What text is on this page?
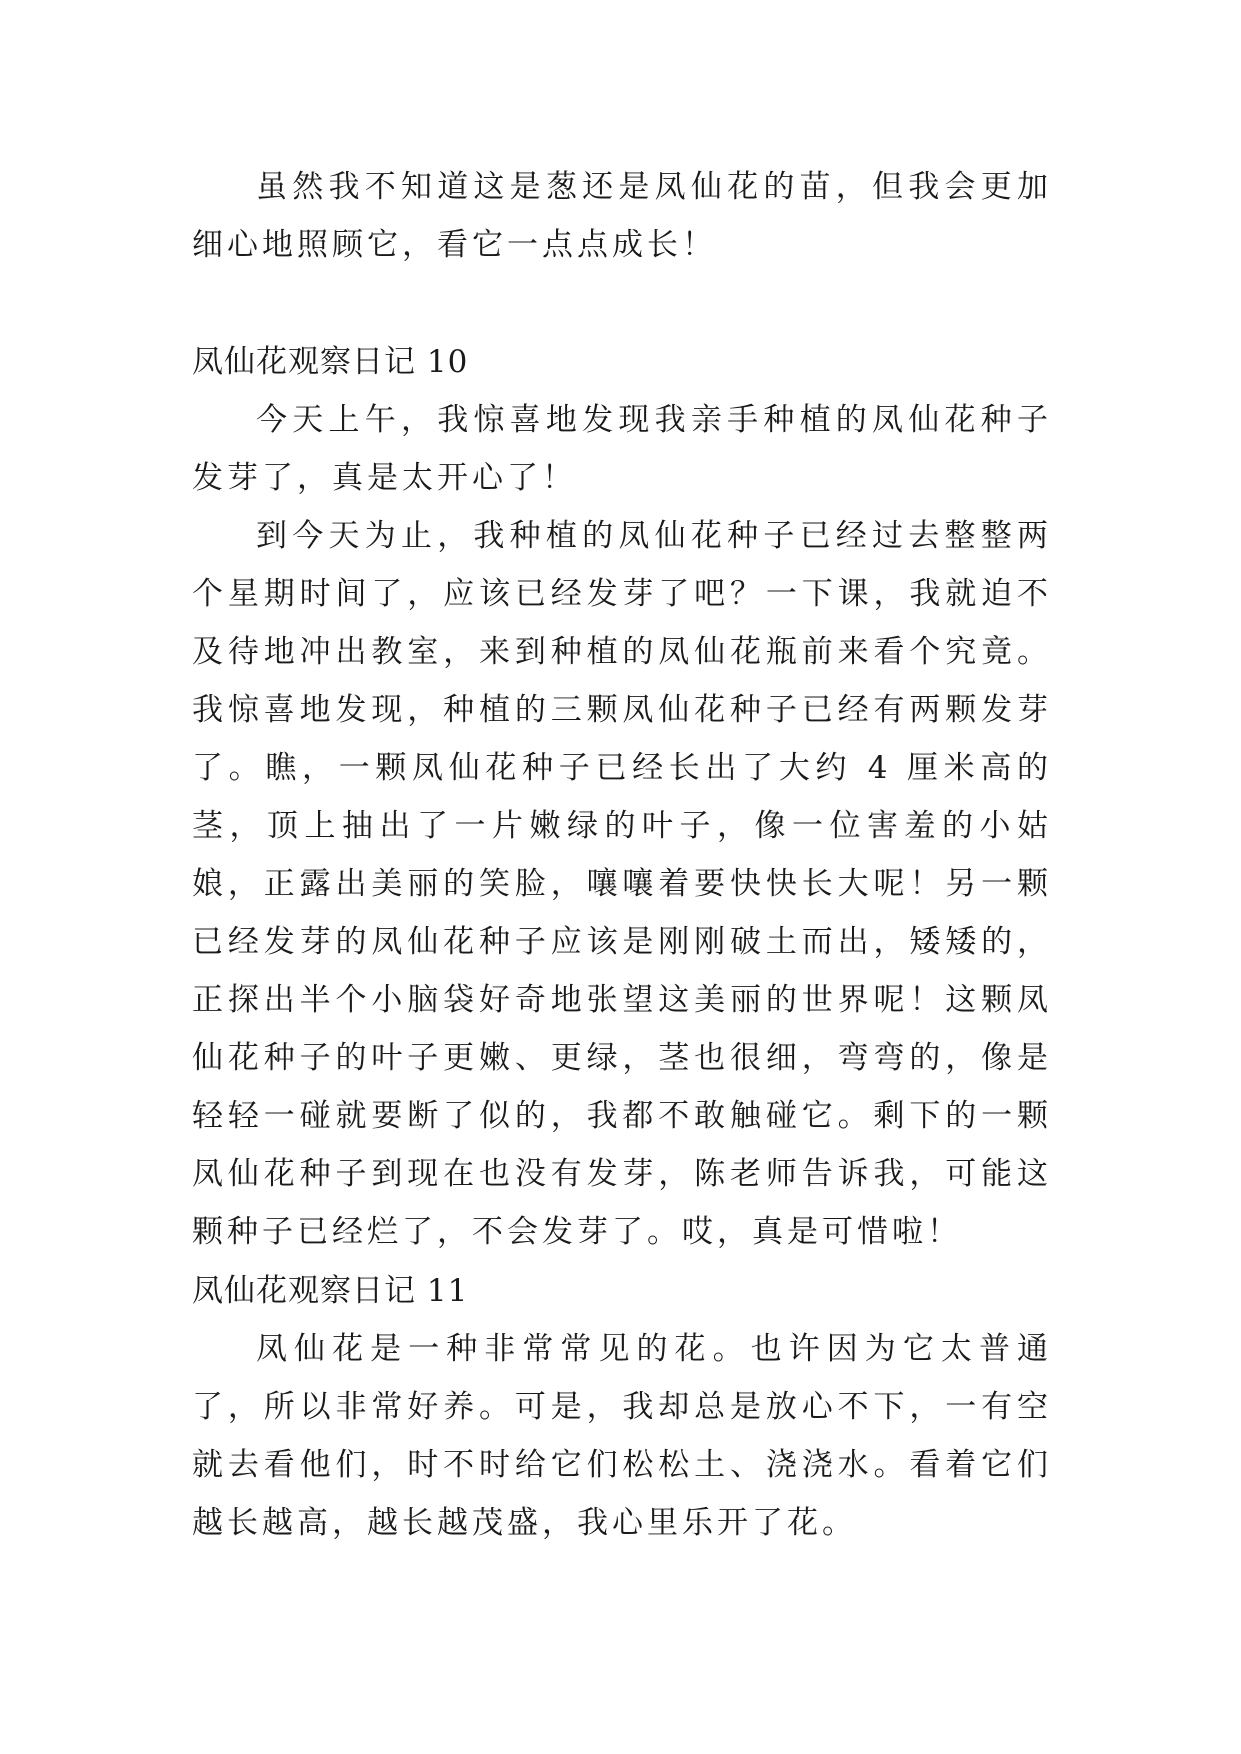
虽然我不知道这是葱还是凤仙花的苗，但我会更加细心地照顾它，看它一点点成长！

凤仙花观察日记 10

今天上午，我惊喜地发现我亲手种植的凤仙花种子发芽了，真是太开心了！

到今天为止，我种植的凤仙花种子已经过去整整两个星期时间了，应该已经发芽了吧？一下课，我就迫不及待地冲出教室，来到种植的凤仙花瓶前来看个究竟。我惊喜地发现，种植的三颗凤仙花种子已经有两颗发芽了。瞧，一颗凤仙花种子已经长出了大约 4 厘米高的茎，顶上抽出了一片嫩绿的叶子，像一位害羞的小姑娘，正露出美丽的笑脸，嚷嚷着要快快长大呢！另一颗已经发芽的凤仙花种子应该是刚刚破土而出，矮矮的，正探出半个小脑袋好奇地张望这美丽的世界呢！这颗凤仙花种子的叶子更嫩、更绿，茎也很细，弯弯的，像是轻轻一碰就要断了似的，我都不敢触碰它。剩下的一颗凤仙花种子到现在也没有发芽，陈老师告诉我，可能这颗种子已经烂了，不会发芽了。哎，真是可惜啦！

凤仙花观察日记 11

凤仙花是一种非常常见的花。也许因为它太普通了，所以非常好养。可是，我却总是放心不下，一有空就去看他们，时不时给它们松松土、浇浇水。看着它们越长越高，越长越茂盛，我心里乐开了花。
